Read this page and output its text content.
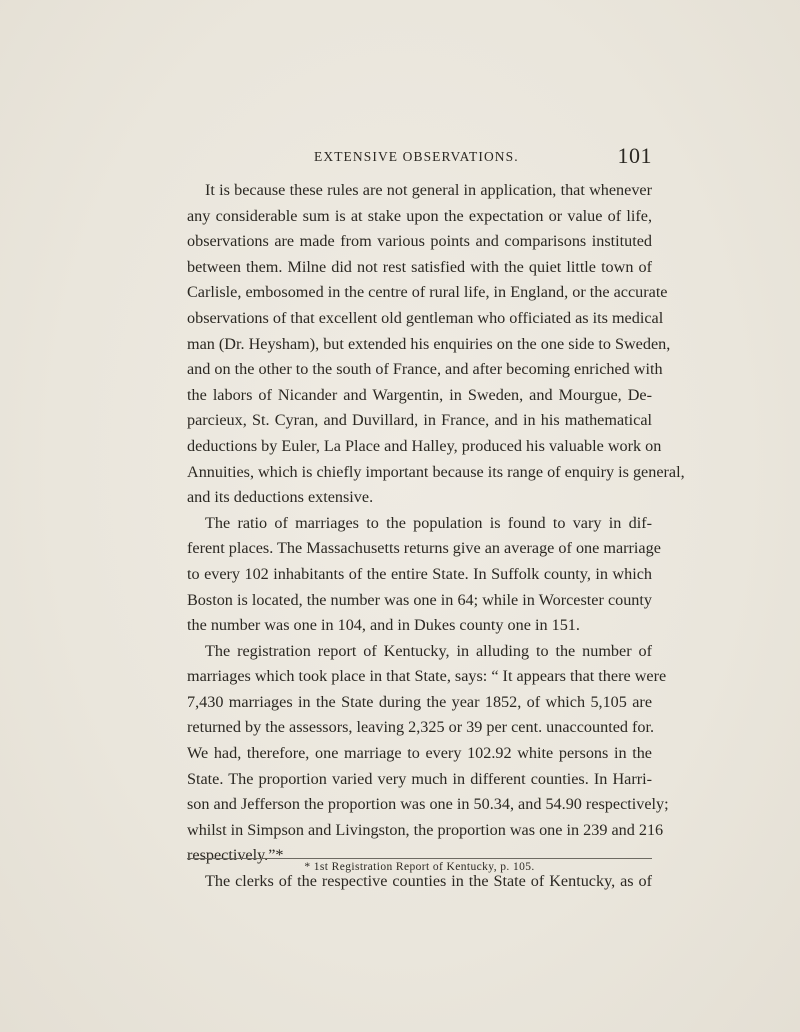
EXTENSIVE OBSERVATIONS.	101
It is because these rules are not general in application, that whenever
any considerable sum is at stake upon the expectation or value of life,
observations are made from various points and comparisons instituted
between them. Milne did not rest satisfied with the quiet little town of
Carlisle, embosomed in the centre of rural life, in England, or the accurate
observations of that excellent old gentleman who officiated as its medical
man (Dr. Heysham), but extended his enquiries on the one side to Sweden,
and on the other to the south of France, and after becoming enriched with
the labors of Nicander and Wargentin, in Sweden, and Mourgue, De-
parcieux, St. Cyran, and Duvillard, in France, and in his mathematical
deductions by Euler, La Place and Halley, produced his valuable work on
Annuities, which is chiefly important because its range of enquiry is general,
and its deductions extensive.
The ratio of marriages to the population is found to vary in dif-
ferent places. The Massachusetts returns give an average of one marriage
to every 102 inhabitants of the entire State. In Suffolk county, in which
Boston is located, the number was one in 64; while in Worcester county
the number was one in 104, and in Dukes county one in 151.
The registration report of Kentucky, in alluding to the number of
marriages which took place in that State, says: “ It appears that there were
7,430 marriages in the State during the year 1852, of which 5,105 are
returned by the assessors, leaving 2,325 or 39 per cent. unaccounted for.
We had, therefore, one marriage to every 102.92 white persons in the
State. The proportion varied very much in different counties. In Harri-
son and Jefferson the proportion was one in 50.34, and 54.90 respectively;
whilst in Simpson and Livingston, the proportion was one in 239 and 216
respectively.”*
The clerks of the respective counties in the State of Kentucky, as of
* 1st Registration Report of Kentucky, p. 105.
